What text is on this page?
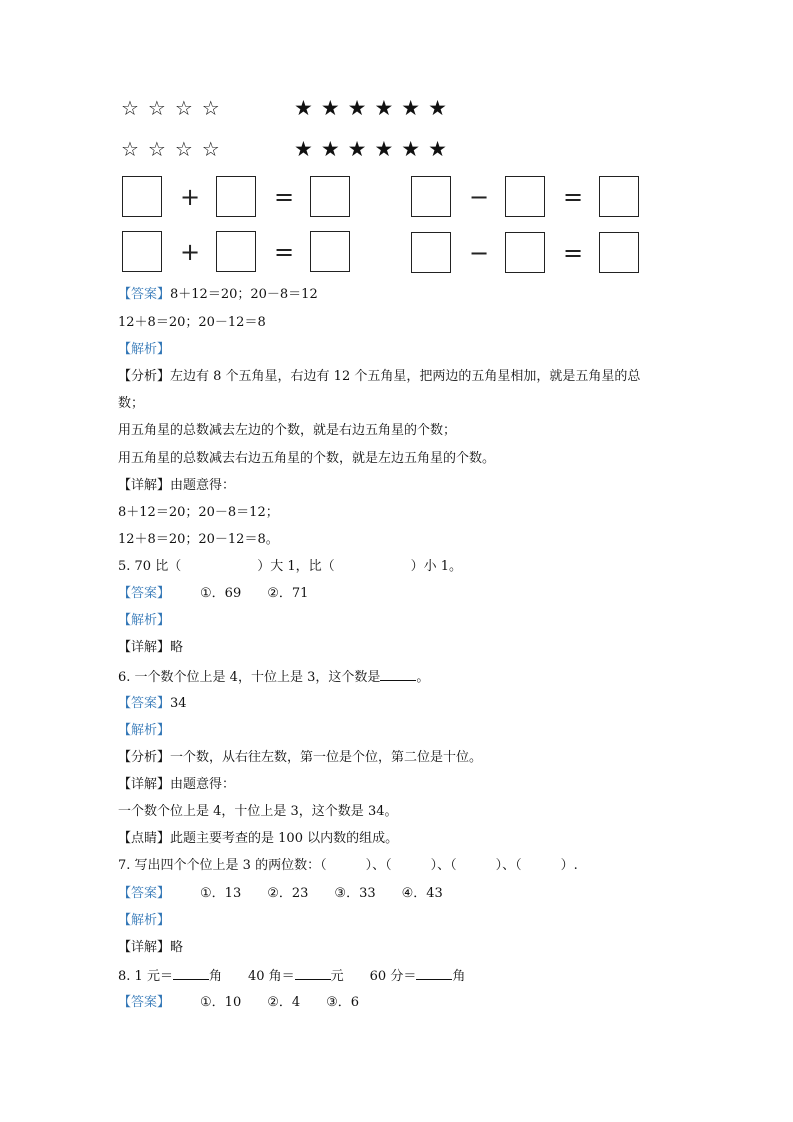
☆☆☆☆	★★★★★★
☆☆☆☆	★★★★★★
+	=	−	=
+	=	−	=
【答案】8＋12＝20；20－8＝12
12＋8＝20；20－12＝8
【解析】
【分析】左边有 8 个五角星，右边有 12 个五角星，把两边的五角星相加，就是五角星的总
数；
用五角星的总数减去左边的个数，就是右边五角星的个数；
用五角星的总数减去右边五角星的个数，就是左边五角星的个数。
【详解】由题意得：
8＋12＝20；20－8＝12；
12＋8＝20；20－12＝8。
5. 70 比（	）大 1，比（	）小 1。
【答案】 ①．69　　②．71
【解析】
【详解】略
6. 一个数个位上是 4，十位上是 3，这个数是	。
【答案】34
【解析】
【分析】一个数，从右往左数，第一位是个位，第二位是十位。
【详解】由题意得：
一个数个位上是 4，十位上是 3，这个数是 34。
【点睛】此题主要考查的是 100 以内数的组成。
7. 写出四个个位上是 3 的两位数：（　　　）、（　　　）、（　　　）、（　　　）.
【答案】 ①．13　　②．23　　③．33　　④．43
【解析】
【详解】略
8. 1 元＝	角　　40 角＝	元　　60 分＝	角
【答案】 ①．10　　②．4　　③．6
